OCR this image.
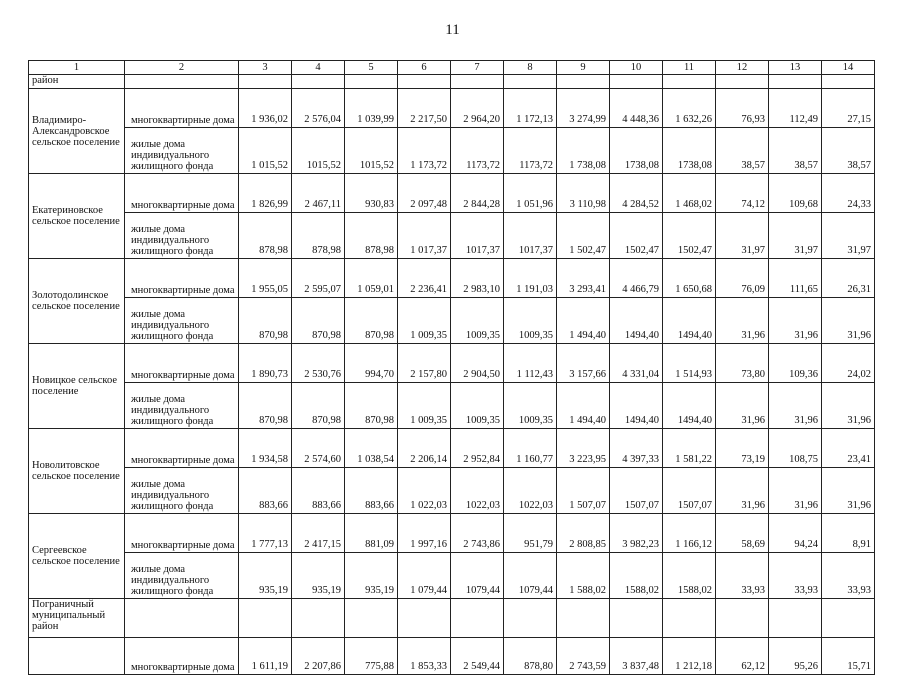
11
1	2	3	4	5	6	7	8	9	10	11	12	13	14
район													
Владимиро-Александровское сельское поселение	многоквартирные дома	1 936,02	2 576,04	1 039,99	2 217,50	2 964,20	1 172,13	3 274,99	4 448,36	1 632,26	76,93	112,49	27,15
	жилые дома индивидуального жилищного фонда	1 015,52	1015,52	1015,52	1 173,72	1173,72	1173,72	1 738,08	1738,08	1738,08	38,57	38,57	38,57
Екатериновское сельское поселение	многоквартирные дома	1 826,99	2 467,11	930,83	2 097,48	2 844,28	1 051,96	3 110,98	4 284,52	1 468,02	74,12	109,68	24,33
	жилые дома индивидуального жилищного фонда	878,98	878,98	878,98	1 017,37	1017,37	1017,37	1 502,47	1502,47	1502,47	31,97	31,97	31,97
Золотодолинское сельское поселение	многоквартирные дома	1 955,05	2 595,07	1 059,01	2 236,41	2 983,10	1 191,03	3 293,41	4 466,79	1 650,68	76,09	111,65	26,31
	жилые дома индивидуального жилищного фонда	870,98	870,98	870,98	1 009,35	1009,35	1009,35	1 494,40	1494,40	1494,40	31,96	31,96	31,96
Новицкое сельское поселение	многоквартирные дома	1 890,73	2 530,76	994,70	2 157,80	2 904,50	1 112,43	3 157,66	4 331,04	1 514,93	73,80	109,36	24,02
	жилые дома индивидуального жилищного фонда	870,98	870,98	870,98	1 009,35	1009,35	1009,35	1 494,40	1494,40	1494,40	31,96	31,96	31,96
Новолитовское сельское поселение	многоквартирные дома	1 934,58	2 574,60	1 038,54	2 206,14	2 952,84	1 160,77	3 223,95	4 397,33	1 581,22	73,19	108,75	23,41
	жилые дома индивидуального жилищного фонда	883,66	883,66	883,66	1 022,03	1022,03	1022,03	1 507,07	1507,07	1507,07	31,96	31,96	31,96
Сергеевское сельское поселение	многоквартирные дома	1 777,13	2 417,15	881,09	1 997,16	2 743,86	951,79	2 808,85	3 982,23	1 166,12	58,69	94,24	8,91
	жилые дома индивидуального жилищного фонда	935,19	935,19	935,19	1 079,44	1079,44	1079,44	1 588,02	1588,02	1588,02	33,93	33,93	33,93
Пограничный муниципальный район													
	многоквартирные дома	1 611,19	2 207,86	775,88	1 853,33	2 549,44	878,80	2 743,59	3 837,48	1 212,18	62,12	95,26	15,71
